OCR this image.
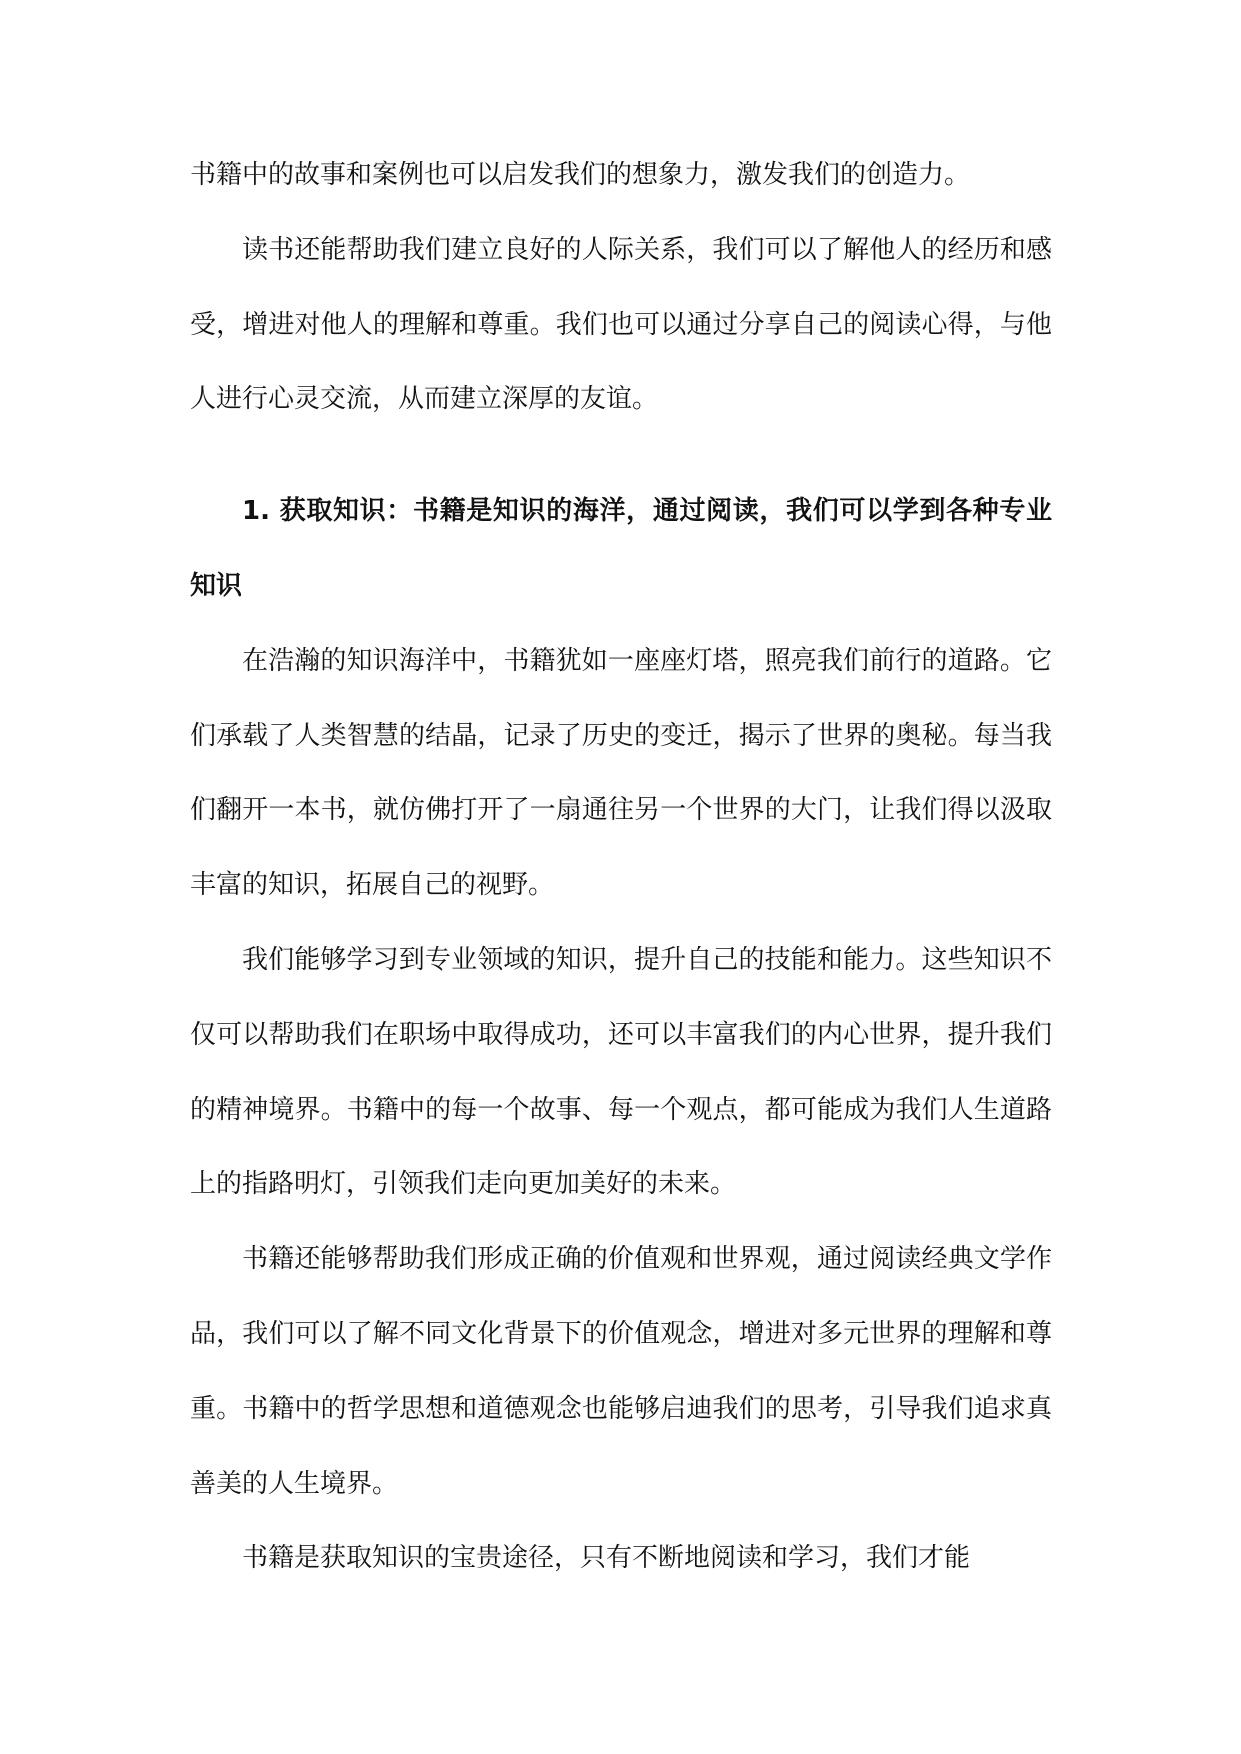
书籍中的故事和案例也可以启发我们的想象力，激发我们的创造力。

读书还能帮助我们建立良好的人际关系，我们可以了解他人的经历和感受，增进对他人的理解和尊重。我们也可以通过分享自己的阅读心得，与他人进行心灵交流，从而建立深厚的友谊。

1. 获取知识：书籍是知识的海洋，通过阅读，我们可以学到各种专业知识

在浩瀚的知识海洋中，书籍犹如一座座灯塔，照亮我们前行的道路。它们承载了人类智慧的结晶，记录了历史的变迁，揭示了世界的奥秘。每当我们翻开一本书，就仿佛打开了一扇通往另一个世界的大门，让我们得以汲取丰富的知识，拓展自己的视野。

我们能够学习到专业领域的知识，提升自己的技能和能力。这些知识不仅可以帮助我们在职场中取得成功，还可以丰富我们的内心世界，提升我们的精神境界。书籍中的每一个故事、每一个观点，都可能成为我们人生道路上的指路明灯，引领我们走向更加美好的未来。

书籍还能够帮助我们形成正确的价值观和世界观，通过阅读经典文学作品，我们可以了解不同文化背景下的价值观念，增进对多元世界的理解和尊重。书籍中的哲学思想和道德观念也能够启迪我们的思考，引导我们追求真善美的人生境界。

书籍是获取知识的宝贵途径，只有不断地阅读和学习，我们才能
